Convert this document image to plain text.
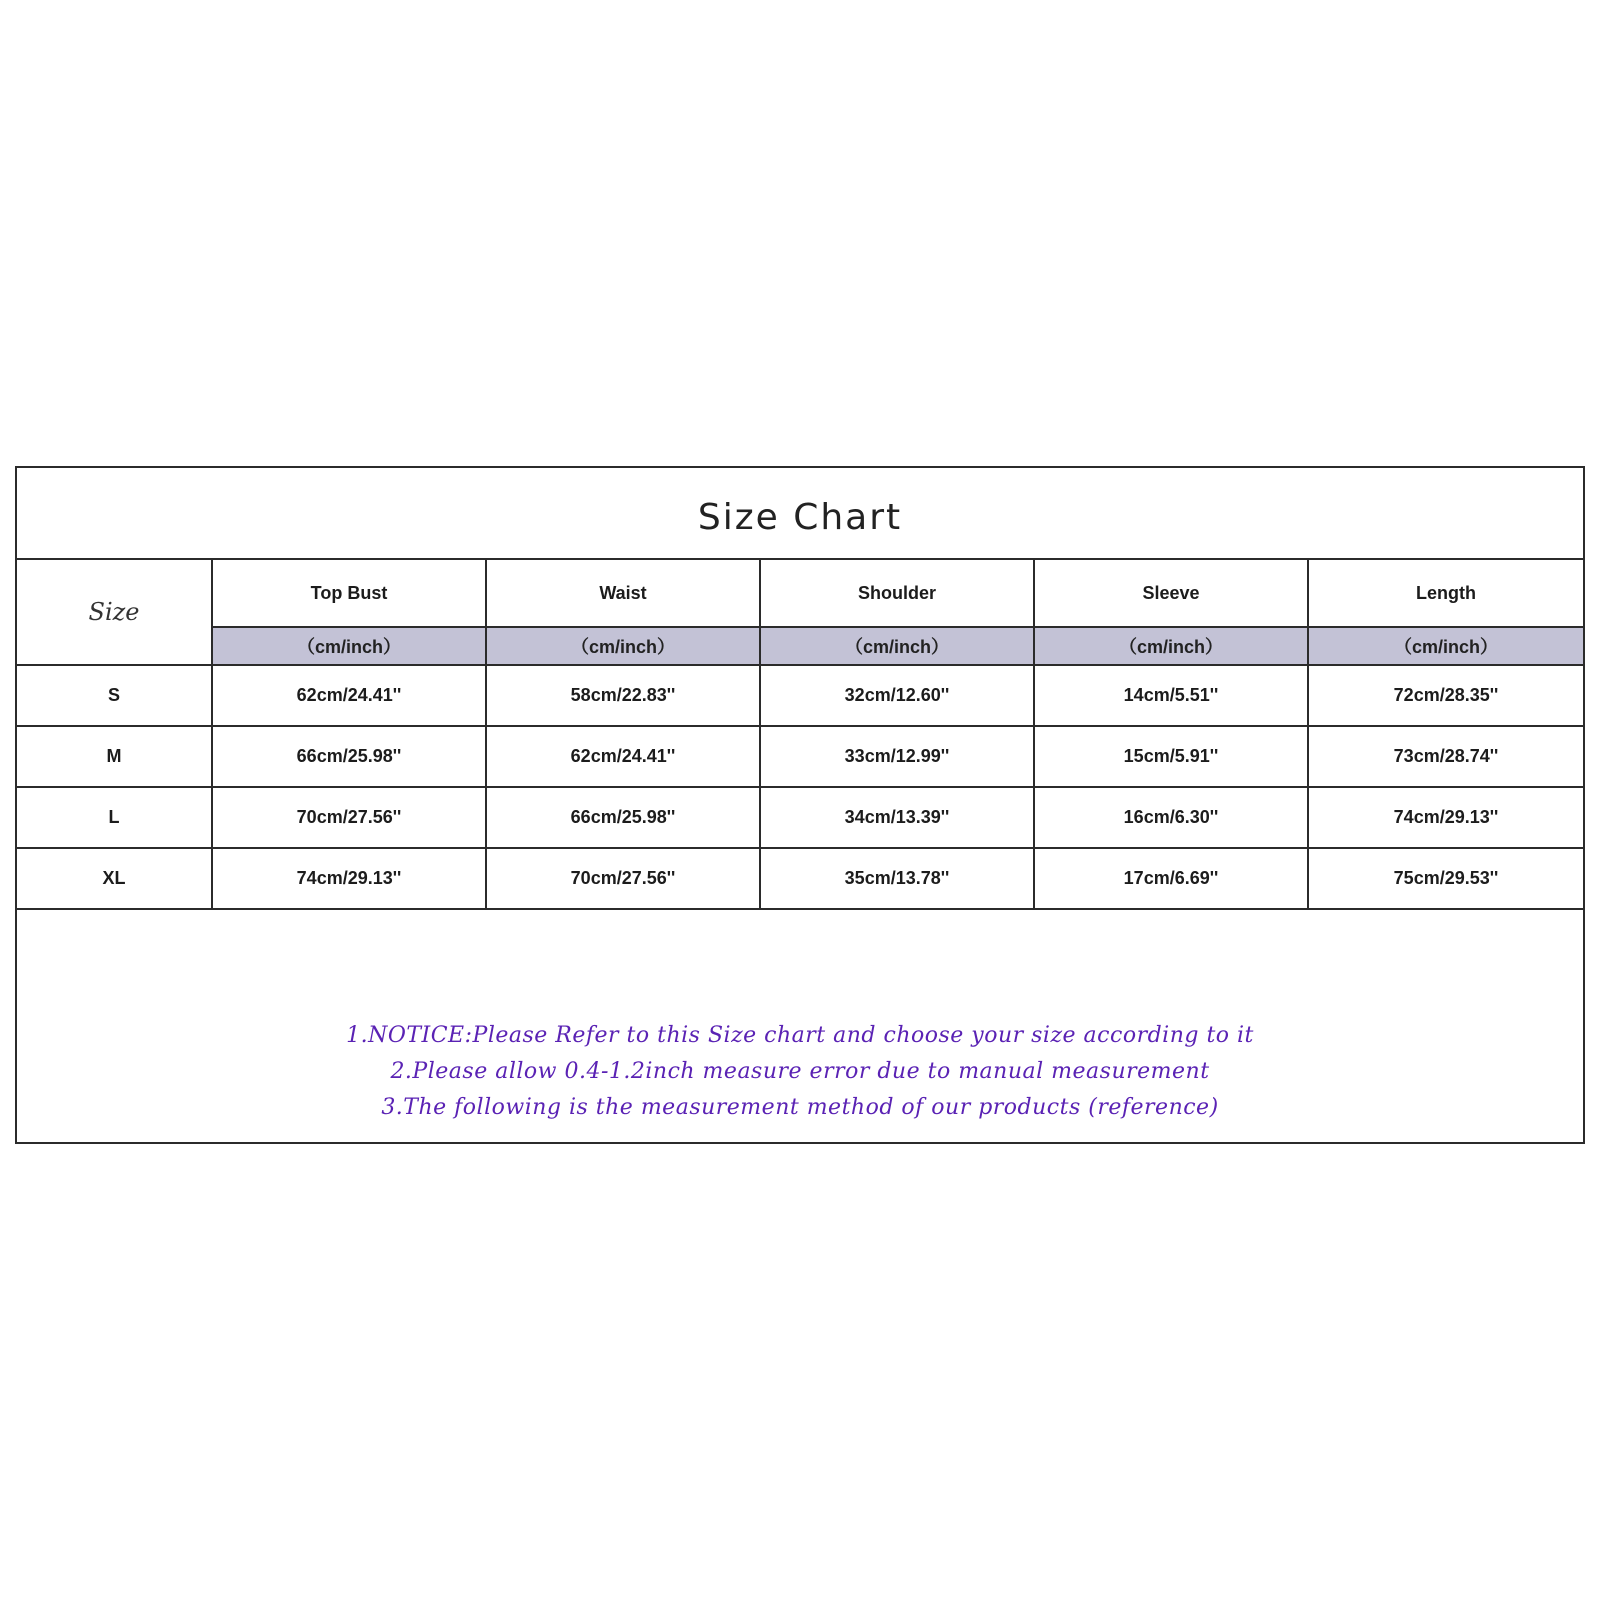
Size Chart
Size	Top Bust	Waist	Shoulder	Sleeve	Length
	（cm/inch）	（cm/inch）	（cm/inch）	（cm/inch）	（cm/inch）
S	62cm/24.41''	58cm/22.83''	32cm/12.60''	14cm/5.51''	72cm/28.35''
M	66cm/25.98''	62cm/24.41''	33cm/12.99''	15cm/5.91''	73cm/28.74''
L	70cm/27.56''	66cm/25.98''	34cm/13.39''	16cm/6.30''	74cm/29.13''
XL	74cm/29.13''	70cm/27.56''	35cm/13.78''	17cm/6.69''	75cm/29.53''
1.NOTICE:Please Refer to this Size chart and choose your size according to it
2.Please allow 0.4-1.2inch measure error due to manual measurement
3.The following is the measurement method of our products (reference)
